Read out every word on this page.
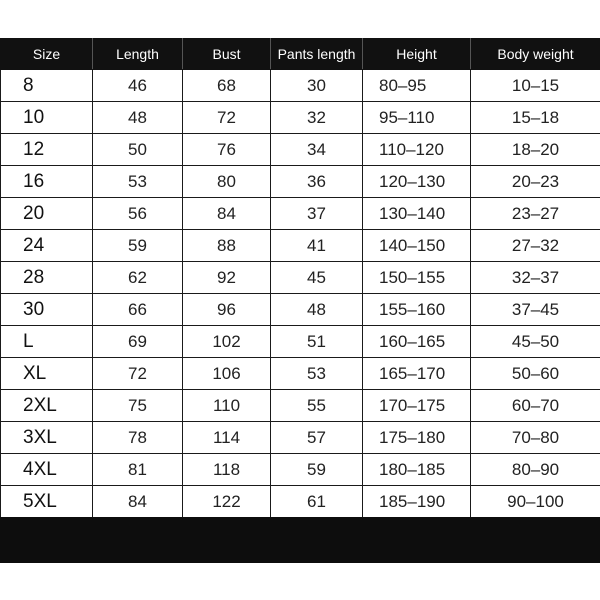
Size	Length	Bust	Pants length	Height	Body weight
8	46	68	30	80–95	10–15
10	48	72	32	95–110	15–18
12	50	76	34	110–120	18–20
16	53	80	36	120–130	20–23
20	56	84	37	130–140	23–27
24	59	88	41	140–150	27–32
28	62	92	45	150–155	32–37
30	66	96	48	155–160	37–45
L	69	102	51	160–165	45–50
XL	72	106	53	165–170	50–60
2XL	75	110	55	170–175	60–70
3XL	78	114	57	175–180	70–80
4XL	81	118	59	180–185	80–90
5XL	84	122	61	185–190	90–100
